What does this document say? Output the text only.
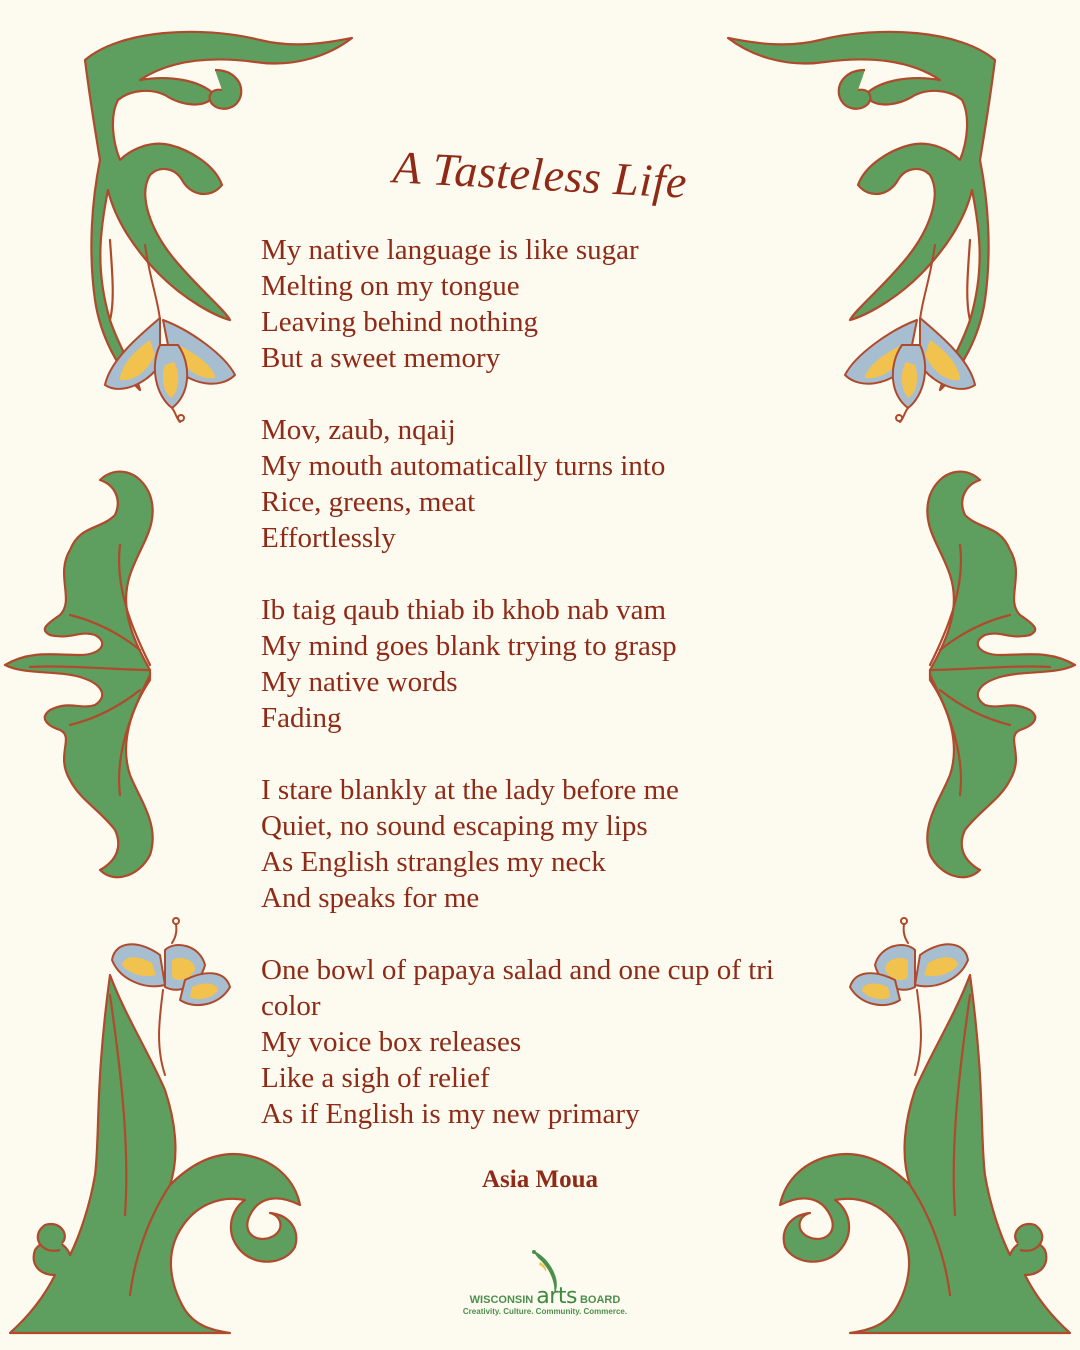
A Tasteless Life
My native language is like sugar
Melting on my tongue
Leaving behind nothing
But a sweet memory
Mov, zaub, nqaij
My mouth automatically turns into
Rice, greens, meat
Effortlessly
Ib taig qaub thiab ib khob nab vam
My mind goes blank trying to grasp
My native words
Fading
I stare blankly at the lady before me
Quiet, no sound escaping my lips
As English strangles my neck
And speaks for me
One bowl of papaya salad and one cup of tri
color
My voice box releases
Like a sigh of relief
As if English is my new primary
Asia Moua
WISCONSIN arts BOARD
Creativity. Culture. Community. Commerce.
